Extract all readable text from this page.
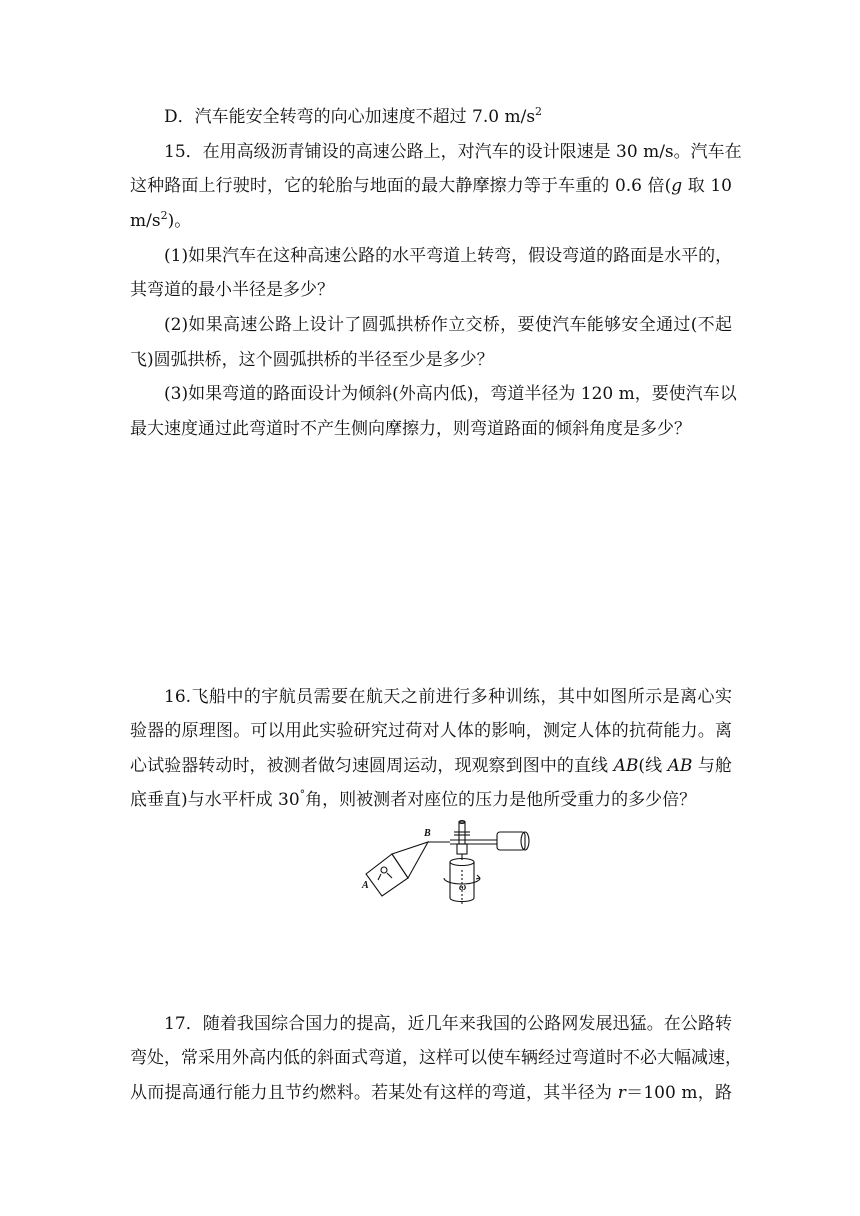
D．汽车能安全转弯的向心加速度不超过 7.0 $m/s^2$
15．在用高级沥青铺设的高速公路上，对汽车的设计限速是 30 m/s。汽车在
这种路面上行驶时，它的轮胎与地面的最大静摩擦力等于车重的 0.6 倍(g 取 10
$m/s^2$)。
(1)如果汽车在这种高速公路的水平弯道上转弯，假设弯道的路面是水平的，
其弯道的最小半径是多少？
(2)如果高速公路上设计了圆弧拱桥作立交桥，要使汽车能够安全通过(不起
飞)圆弧拱桥，这个圆弧拱桥的半径至少是多少？
(3)如果弯道的路面设计为倾斜(外高内低)，弯道半径为 120 m，要使汽车以
最大速度通过此弯道时不产生侧向摩擦力，则弯道路面的倾斜角度是多少？
16.飞船中的宇航员需要在航天之前进行多种训练，其中如图所示是离心实
验器的原理图。可以用此实验研究过荷对人体的影响，测定人体的抗荷能力。离
心试验器转动时，被测者做匀速圆周运动，现观察到图中的直线 AB(线 AB 与舱
底垂直)与水平杆成 30°角，则被测者对座位的压力是他所受重力的多少倍？
B
A	ω
17．随着我国综合国力的提高，近几年来我国的公路网发展迅猛。在公路转
弯处，常采用外高内低的斜面式弯道，这样可以使车辆经过弯道时不必大幅减速，
从而提高通行能力且节约燃料。若某处有这样的弯道，其半径为 r＝100 m，路
